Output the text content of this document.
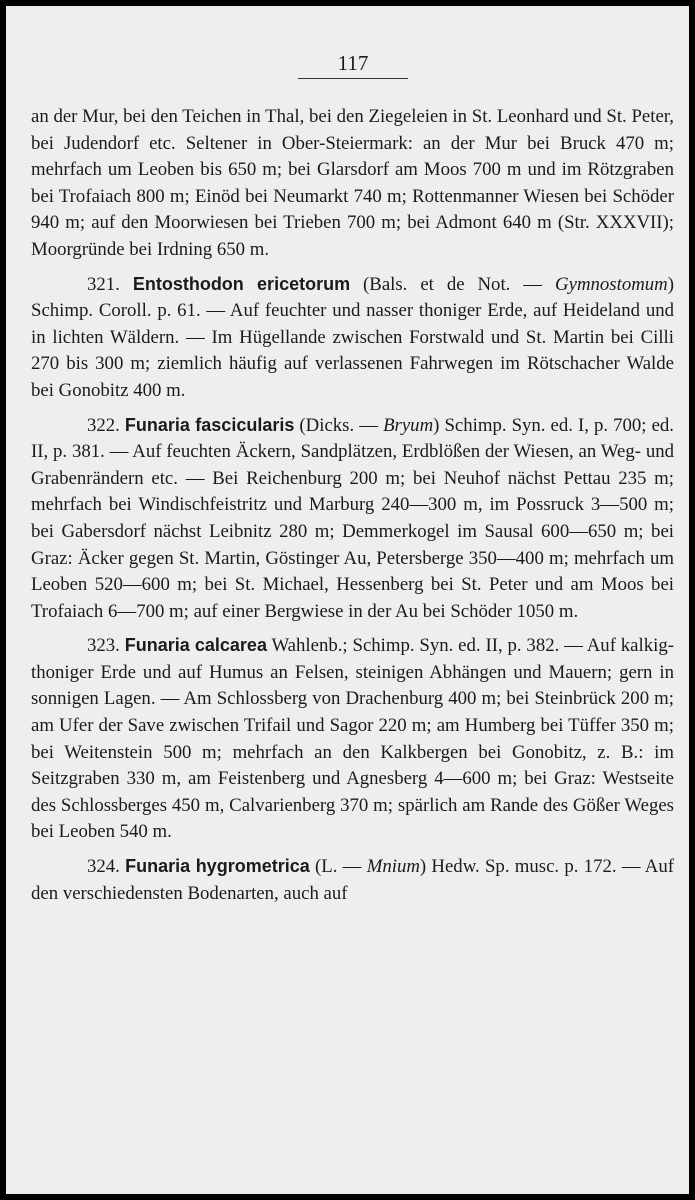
117

an der Mur, bei den Teichen in Thal, bei den Ziegeleien in St. Leonhard und St. Peter, bei Judendorf etc. Seltener in Ober-Steiermark: an der Mur bei Bruck 470 m; mehrfach um Leoben bis 650 m; bei Glarsdorf am Moos 700 m und im Rötzgraben bei Trofaiach 800 m; Einöd bei Neumarkt 740 m; Rottenmanner Wiesen bei Schöder 940 m; auf den Moorwiesen bei Trieben 700 m; bei Admont 640 m (Str. XXXVII); Moorgründe bei Irdning 650 m.

321. Entosthodon ericetorum (Bals. et de Not. — Gymnostomum) Schimp. Coroll. p. 61. — Auf feuchter und nasser thoniger Erde, auf Heideland und in lichten Wäldern. — Im Hügellande zwischen Forstwald und St. Martin bei Cilli 270 bis 300 m; ziemlich häufig auf verlassenen Fahrwegen im Rötschacher Walde bei Gonobitz 400 m.

322. Funaria fascicularis (Dicks. — Bryum) Schimp. Syn. ed. I, p. 700; ed. II, p. 381. — Auf feuchten Äckern, Sandplätzen, Erdblößen der Wiesen, an Weg- und Grabenrändern etc. — Bei Reichenburg 200 m; bei Neuhof nächst Pettau 235 m; mehrfach bei Windischfeistritz und Marburg 240—300 m, im Possruck 3—500 m; bei Gabersdorf nächst Leibnitz 280 m; Demmerkogel im Sausal 600—650 m; bei Graz: Äcker gegen St. Martin, Göstinger Au, Petersberge 350—400 m; mehrfach um Leoben 520—600 m; bei St. Michael, Hessenberg bei St. Peter und am Moos bei Trofaiach 6—700 m; auf einer Bergwiese in der Au bei Schöder 1050 m.

323. Funaria calcarea Wahlenb.; Schimp. Syn. ed. II, p. 382. — Auf kalkig-thoniger Erde und auf Humus an Felsen, steinigen Abhängen und Mauern; gern in sonnigen Lagen. — Am Schlossberg von Drachenburg 400 m; bei Steinbrück 200 m; am Ufer der Save zwischen Trifail und Sagor 220 m; am Humberg bei Tüffer 350 m; bei Weitenstein 500 m; mehrfach an den Kalkbergen bei Gonobitz, z. B.: im Seitzgraben 330 m, am Feistenberg und Agnesberg 4—600 m; bei Graz: Westseite des Schlossberges 450 m, Calvarienberg 370 m; spärlich am Rande des Gößer Weges bei Leoben 540 m.

324. Funaria hygrometrica (L. — Mnium) Hedw. Sp. musc. p. 172. — Auf den verschiedensten Bodenarten, auch auf
